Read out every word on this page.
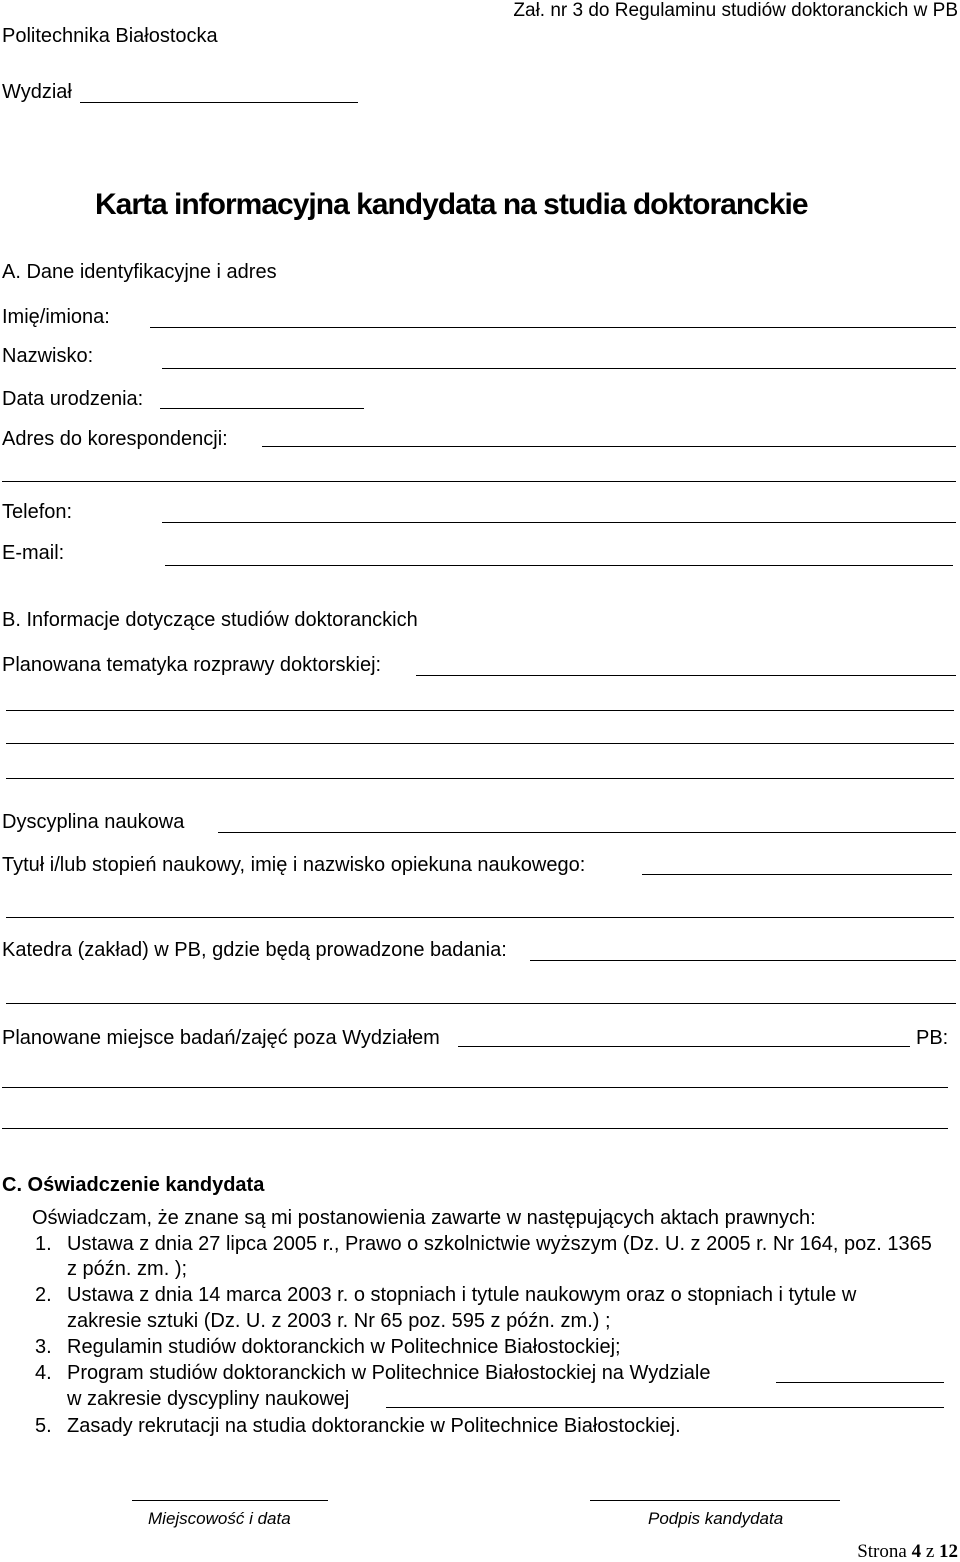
Politechnika Białostocka
Zał. nr 3 do Regulaminu studiów doktoranckich w PB
Wydział
Karta informacyjna kandydata na studia doktoranckie
A. Dane identyfikacyjne i adres
Imię/imiona:
Nazwisko:
Data urodzenia:
Adres do korespondencji:
Telefon:
E-mail:
B. Informacje dotyczące studiów doktoranckich
Planowana tematyka rozprawy doktorskiej:
Dyscyplina naukowa
Tytuł i/lub stopień naukowy, imię i nazwisko opiekuna naukowego:
Katedra (zakład) w PB, gdzie będą prowadzone badania:
Planowane miejsce badań/zajęć poza Wydziałem	PB:
C. Oświadczenie kandydata
Oświadczam, że znane są mi postanowienia zawarte w następujących aktach prawnych:
1. Ustawa z dnia 27 lipca 2005 r., Prawo o szkolnictwie wyższym (Dz. U. z 2005 r. Nr 164, poz. 1365
z późn. zm. );
2. Ustawa z dnia 14 marca 2003 r. o stopniach i tytule naukowym oraz o stopniach i tytule w
zakresie sztuki (Dz. U. z 2003 r. Nr 65 poz. 595 z późn. zm.) ;
3. Regulamin studiów doktoranckich w Politechnice Białostockiej;
4. Program studiów doktoranckich w Politechnice Białostockiej na Wydziale
w zakresie dyscypliny naukowej
5. Zasady rekrutacji na studia doktoranckie w Politechnice Białostockiej.
Miejscowość i data	Podpis kandydata
Strona 4 z 12
